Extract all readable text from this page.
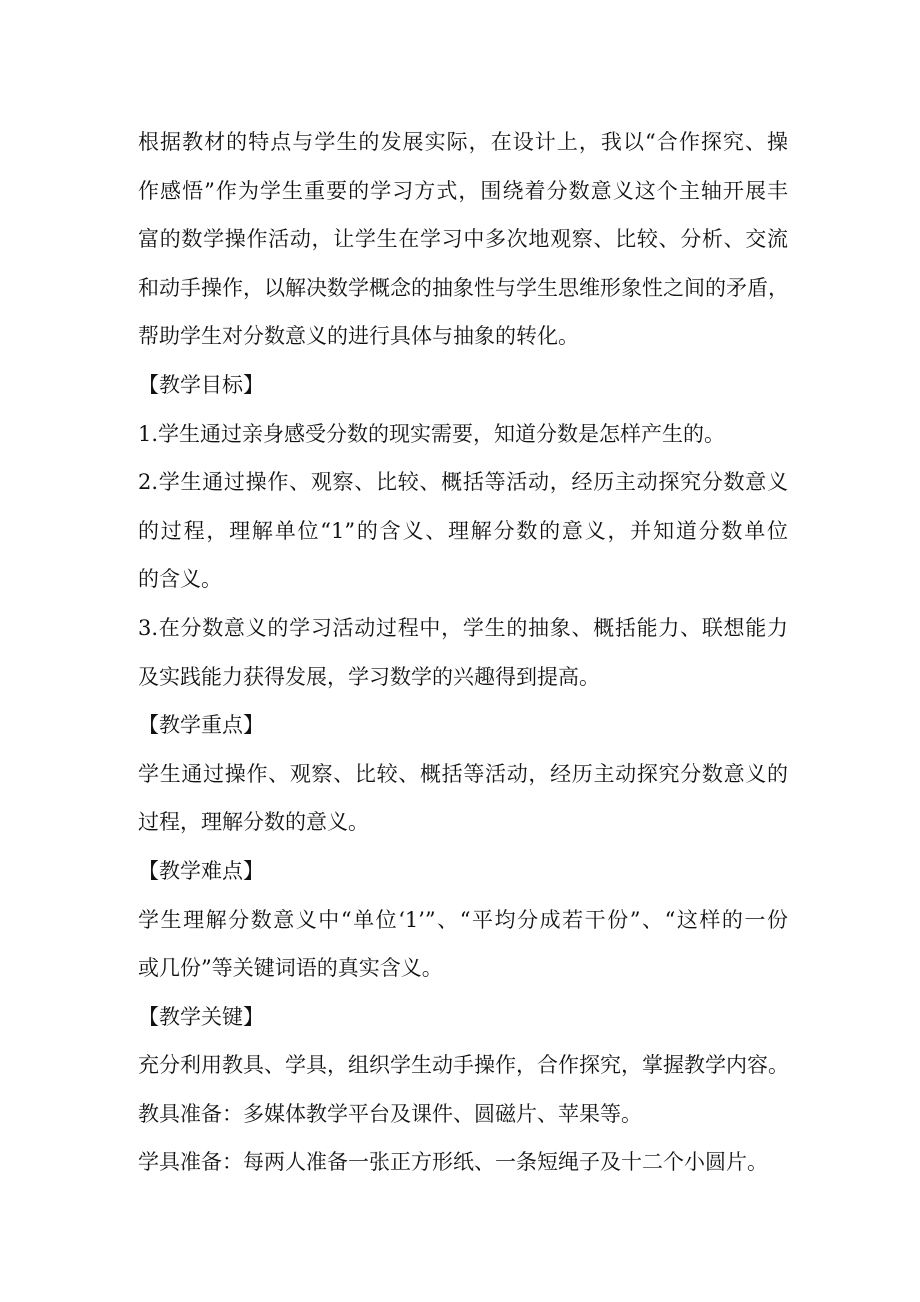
根据教材的特点与学生的发展实际，在设计上，我以“合作探究、操
作感悟”作为学生重要的学习方式，围绕着分数意义这个主轴开展丰
富的数学操作活动，让学生在学习中多次地观察、比较、分析、交流
和动手操作，以解决数学概念的抽象性与学生思维形象性之间的矛盾，
帮助学生对分数意义的进行具体与抽象的转化。
【教学目标】
1.学生通过亲身感受分数的现实需要，知道分数是怎样产生的。
2.学生通过操作、观察、比较、概括等活动，经历主动探究分数意义
的过程，理解单位“1”的含义、理解分数的意义，并知道分数单位
的含义。
3.在分数意义的学习活动过程中，学生的抽象、概括能力、联想能力
及实践能力获得发展，学习数学的兴趣得到提高。
【教学重点】
学生通过操作、观察、比较、概括等活动，经历主动探究分数意义的
过程，理解分数的意义。
【教学难点】
学生理解分数意义中“单位‘1’”、“平均分成若干份”、“这样的一份
或几份”等关键词语的真实含义。
【教学关键】
充分利用教具、学具，组织学生动手操作，合作探究，掌握教学内容。
教具准备：多媒体教学平台及课件、圆磁片、苹果等。
学具准备：每两人准备一张正方形纸、一条短绳子及十二个小圆片。
